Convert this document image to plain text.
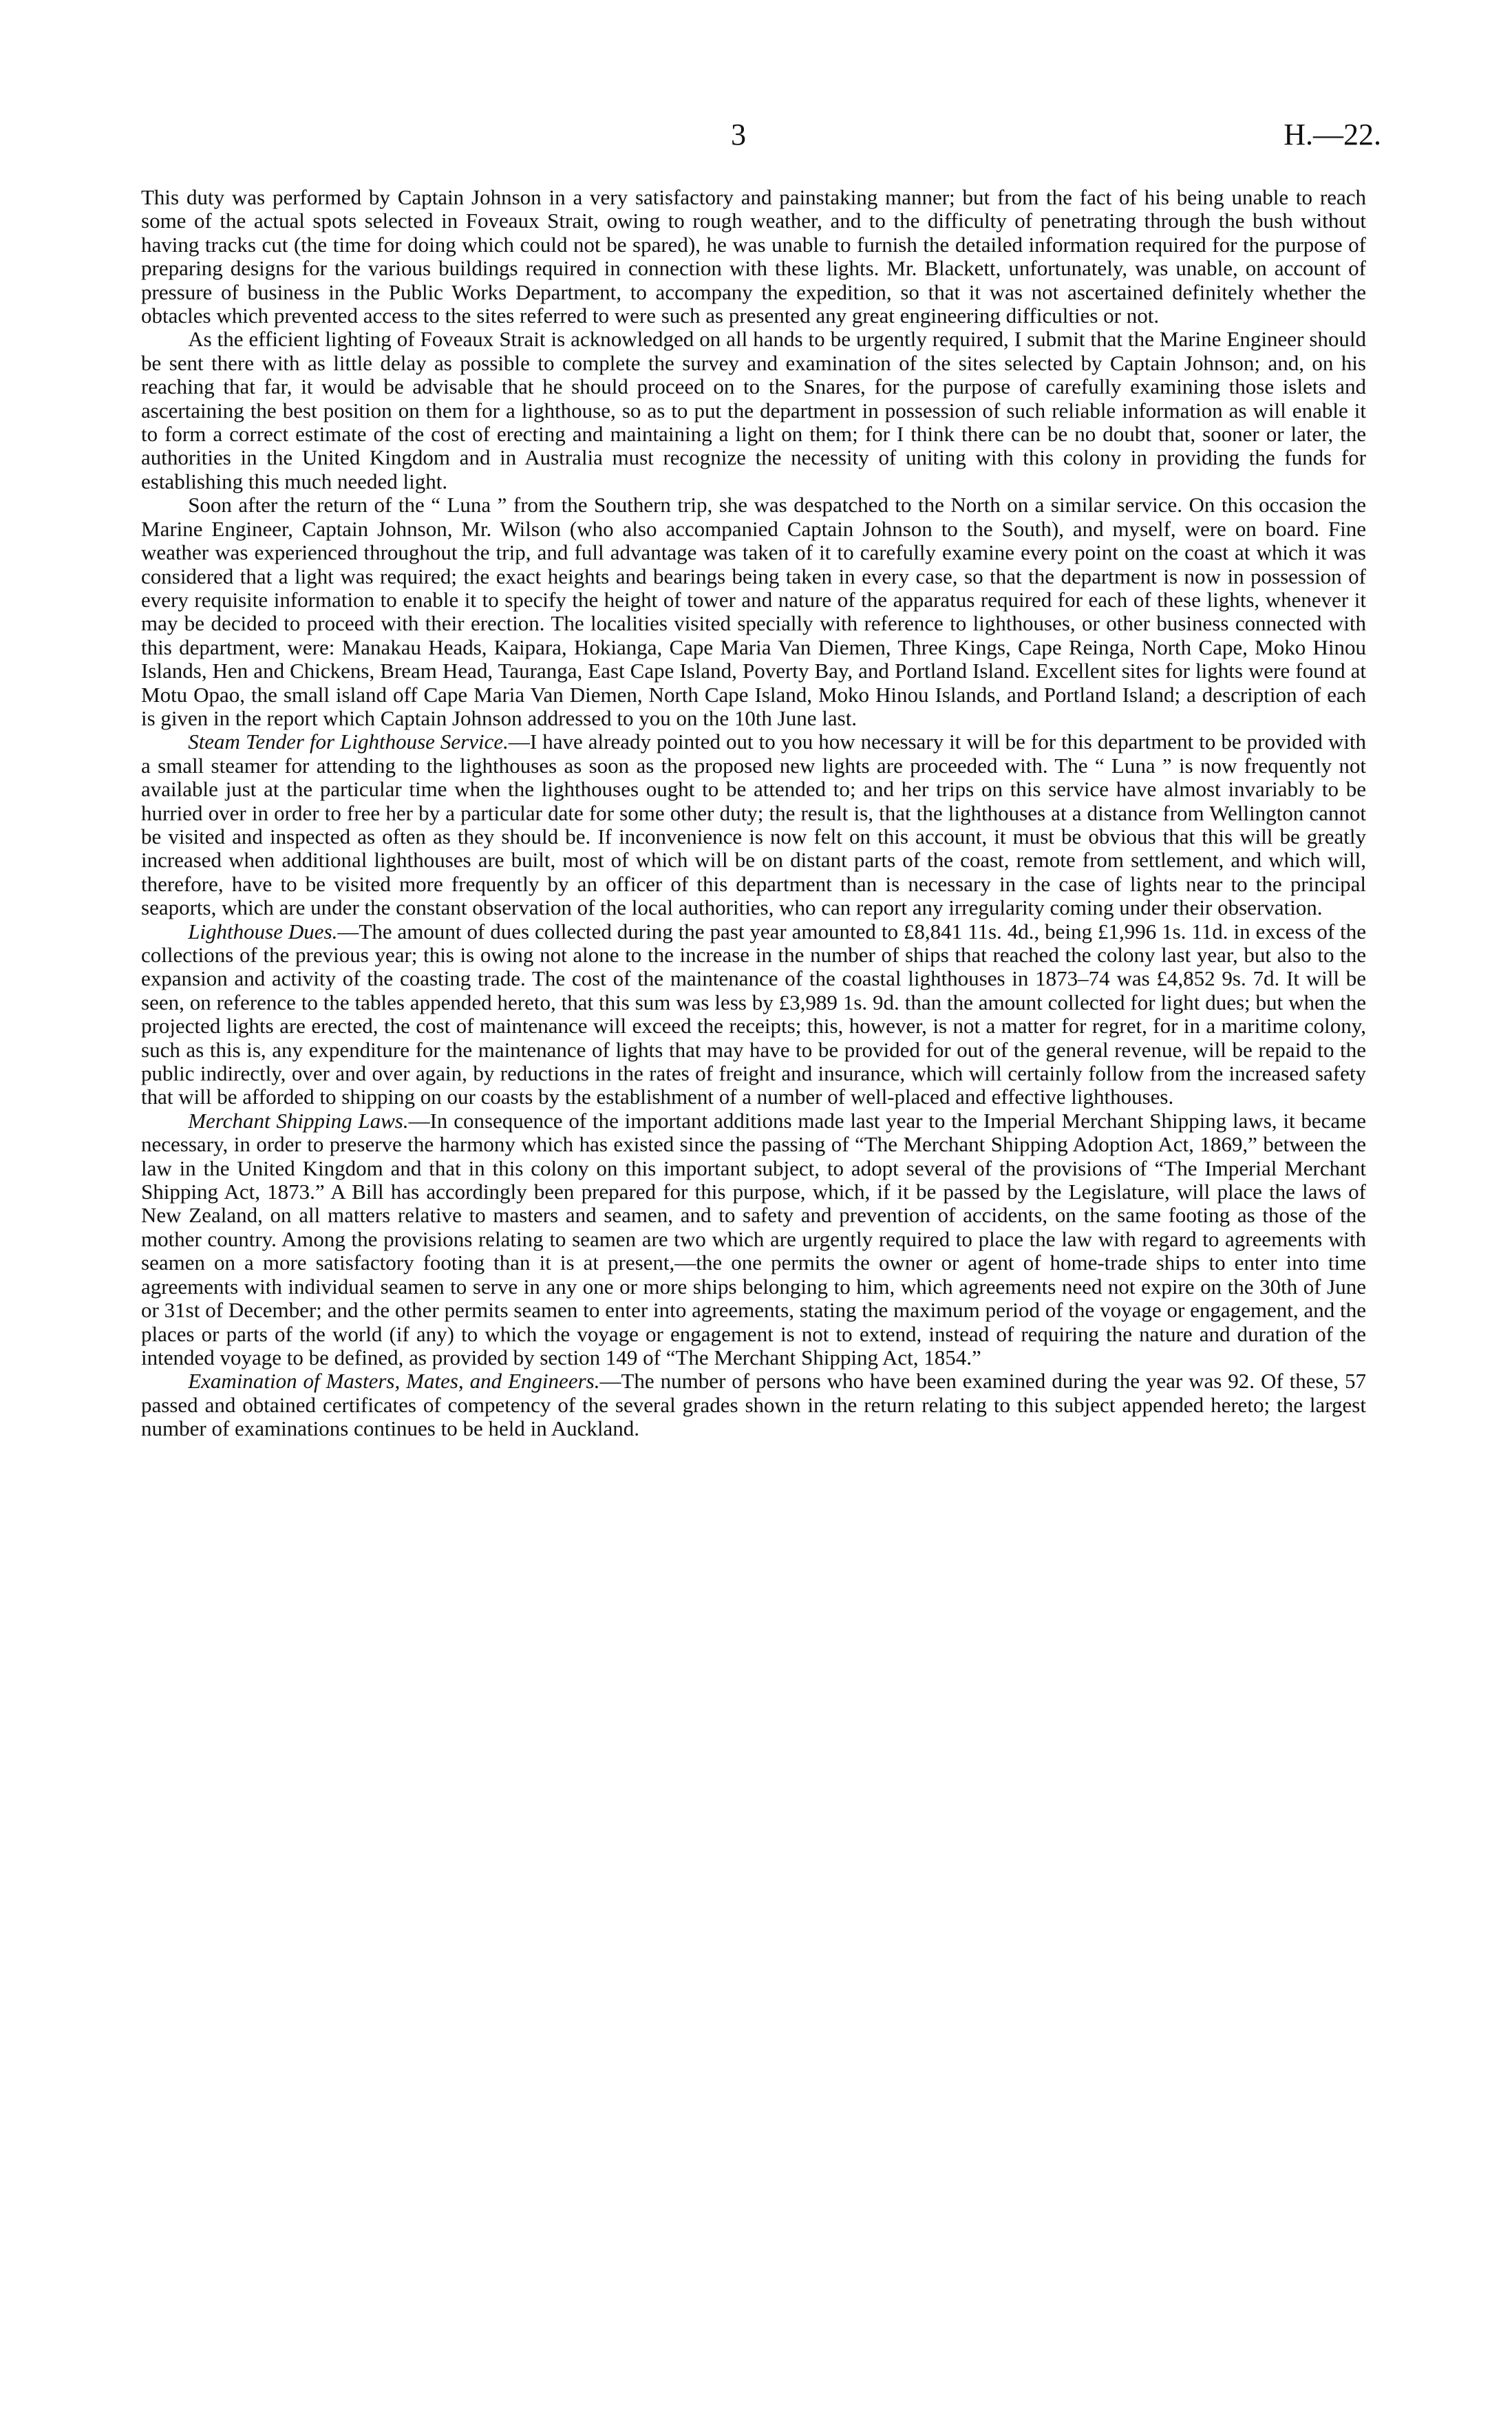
3	H.—22.

This duty was performed by Captain Johnson in a very satisfactory and painstaking manner; but from the fact of his being unable to reach some of the actual spots selected in Foveaux Strait, owing to rough weather, and to the difficulty of penetrating through the bush without having tracks cut (the time for doing which could not be spared), he was unable to furnish the detailed information required for the purpose of preparing designs for the various buildings required in connection with these lights. Mr. Blackett, unfortunately, was unable, on account of pressure of business in the Public Works Department, to accompany the expedition, so that it was not ascertained definitely whether the obtacles which prevented access to the sites referred to were such as presented any great engineering difficulties or not.

As the efficient lighting of Foveaux Strait is acknowledged on all hands to be urgently required, I submit that the Marine Engineer should be sent there with as little delay as possible to complete the survey and examination of the sites selected by Captain Johnson; and, on his reaching that far, it would be advisable that he should proceed on to the Snares, for the purpose of carefully examining those islets and ascertaining the best position on them for a lighthouse, so as to put the department in possession of such reliable information as will enable it to form a correct estimate of the cost of erecting and maintaining a light on them; for I think there can be no doubt that, sooner or later, the authorities in the United Kingdom and in Australia must recognize the necessity of uniting with this colony in providing the funds for establishing this much needed light.

Soon after the return of the “ Luna ” from the Southern trip, she was despatched to the North on a similar service. On this occasion the Marine Engineer, Captain Johnson, Mr. Wilson (who also accompanied Captain Johnson to the South), and myself, were on board. Fine weather was experienced throughout the trip, and full advantage was taken of it to carefully examine every point on the coast at which it was considered that a light was required; the exact heights and bearings being taken in every case, so that the department is now in possession of every requisite information to enable it to specify the height of tower and nature of the apparatus required for each of these lights, whenever it may be decided to proceed with their erection. The localities visited specially with reference to lighthouses, or other business connected with this department, were: Manakau Heads, Kaipara, Hokianga, Cape Maria Van Diemen, Three Kings, Cape Reinga, North Cape, Moko Hinou Islands, Hen and Chickens, Bream Head, Tauranga, East Cape Island, Poverty Bay, and Portland Island. Excellent sites for lights were found at Motu Opao, the small island off Cape Maria Van Diemen, North Cape Island, Moko Hinou Islands, and Portland Island; a description of each is given in the report which Captain Johnson addressed to you on the 10th June last.

Steam Tender for Lighthouse Service.—I have already pointed out to you how necessary it will be for this department to be provided with a small steamer for attending to the lighthouses as soon as the proposed new lights are proceeded with. The “ Luna ” is now frequently not available just at the particular time when the lighthouses ought to be attended to; and her trips on this service have almost invariably to be hurried over in order to free her by a particular date for some other duty; the result is, that the lighthouses at a distance from Wellington cannot be visited and inspected as often as they should be. If inconvenience is now felt on this account, it must be obvious that this will be greatly increased when additional lighthouses are built, most of which will be on distant parts of the coast, remote from settlement, and which will, therefore, have to be visited more frequently by an officer of this department than is necessary in the case of lights near to the principal seaports, which are under the constant observation of the local authorities, who can report any irregularity coming under their observation.

Lighthouse Dues.—The amount of dues collected during the past year amounted to £8,841 11s. 4d., being £1,996 1s. 11d. in excess of the collections of the previous year; this is owing not alone to the increase in the number of ships that reached the colony last year, but also to the expansion and activity of the coasting trade. The cost of the maintenance of the coastal lighthouses in 1873–74 was £4,852 9s. 7d. It will be seen, on reference to the tables appended hereto, that this sum was less by £3,989 1s. 9d. than the amount collected for light dues; but when the projected lights are erected, the cost of maintenance will exceed the receipts; this, however, is not a matter for regret, for in a maritime colony, such as this is, any expenditure for the maintenance of lights that may have to be provided for out of the general revenue, will be repaid to the public indirectly, over and over again, by reductions in the rates of freight and insurance, which will certainly follow from the increased safety that will be afforded to shipping on our coasts by the establishment of a number of well-placed and effective lighthouses.

Merchant Shipping Laws.—In consequence of the important additions made last year to the Imperial Merchant Shipping laws, it became necessary, in order to preserve the harmony which has existed since the passing of “The Merchant Shipping Adoption Act, 1869,” between the law in the United Kingdom and that in this colony on this important subject, to adopt several of the provisions of “The Imperial Merchant Shipping Act, 1873.” A Bill has accordingly been prepared for this purpose, which, if it be passed by the Legislature, will place the laws of New Zealand, on all matters relative to masters and seamen, and to safety and prevention of accidents, on the same footing as those of the mother country. Among the provisions relating to seamen are two which are urgently required to place the law with regard to agreements with seamen on a more satisfactory footing than it is at present,—the one permits the owner or agent of home-trade ships to enter into time agreements with individual seamen to serve in any one or more ships belonging to him, which agreements need not expire on the 30th of June or 31st of December; and the other permits seamen to enter into agreements, stating the maximum period of the voyage or engagement, and the places or parts of the world (if any) to which the voyage or engagement is not to extend, instead of requiring the nature and duration of the intended voyage to be defined, as provided by section 149 of “The Merchant Shipping Act, 1854.”

Examination of Masters, Mates, and Engineers.—The number of persons who have been examined during the year was 92. Of these, 57 passed and obtained certificates of competency of the several grades shown in the return relating to this subject appended hereto; the largest number of examinations continues to be held in Auckland.
